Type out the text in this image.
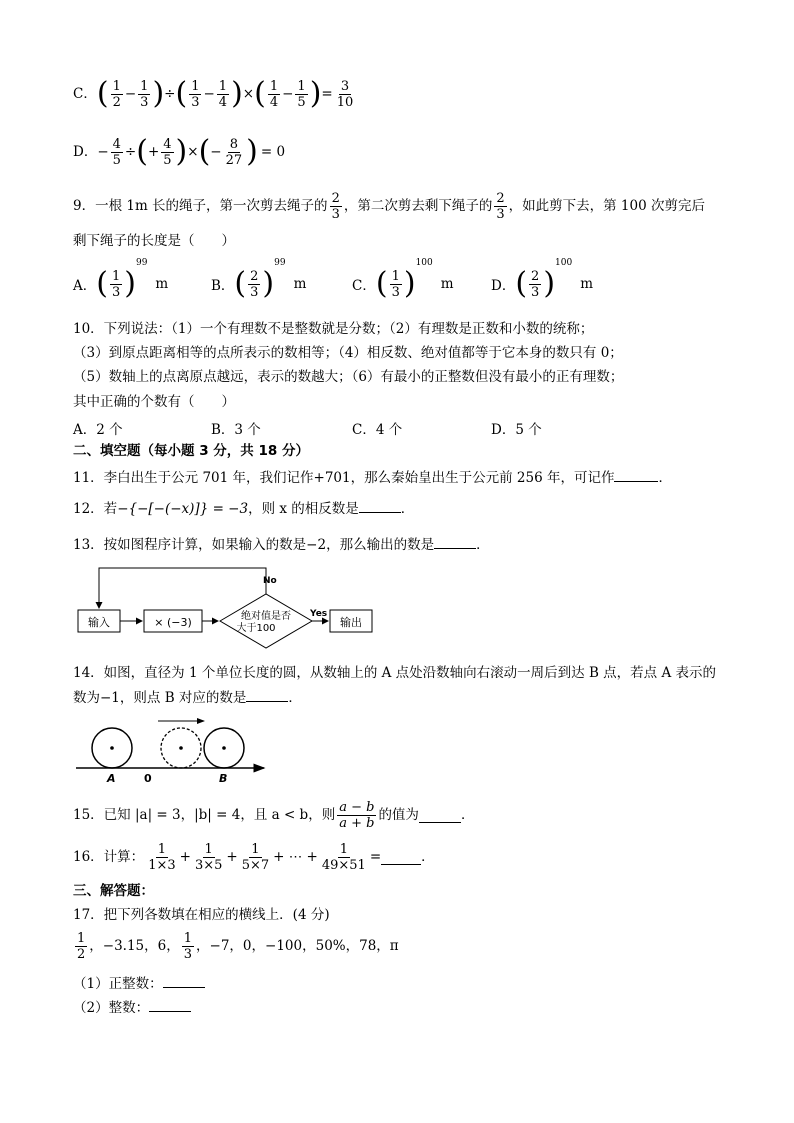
C． ( $\frac{1}{2} - \frac{1}{3}$ ) ÷ ( $\frac{1}{3} - \frac{1}{4}$ ) × ( $\frac{1}{4} - \frac{1}{5}$ ) = $\frac{3}{10}$
D． − $\frac{4}{5}$ ÷ ( + $\frac{4}{5}$ ) × ( − $\frac{8}{27}$ ) = 0
9．一根 1m 长的绳子，第一次剪去绳子的 $\frac{2}{3}$ ，第二次剪去剩下绳子的 $\frac{2}{3}$ ，如此剪下去，第 100 次剪完后
剩下绳子的长度是（　　）
A． ( $\frac{1}{3}$ )
$^{99}$
m	B． ( $\frac{2}{3}$ )
$^{99}$
m	C． ( $\frac{1}{3}$ )
$^{100}$
m	D． ( $\frac{2}{3}$ )
$^{100}$
m
10．下列说法：（1）一个有理数不是整数就是分数；（2）有理数是正数和小数的统称；
（3）到原点距离相等的点所表示的数相等；（4）相反数、绝对值都等于它本身的数只有 0；
（5）数轴上的点离原点越远，表示的数越大；（6）有最小的正整数但没有最小的正有理数；
其中正确的个数有（　　）
A．2 个	B．3 个	C．4 个	D．5 个
二、填空题（每小题 3 分，共 18 分）
11．李白出生于公元 701 年，我们记作+701，那么秦始皇出生于公元前 256 年，可记作	．
12．若−{−[−(−x)]} = −3，则 x 的相反数是	．
13．按如图程序计算，如果输入的数是−2，那么输出的数是	．
输入	× (−3)	绝对值是否
大于100
Yes
输出
No
14．如图，直径为 1 个单位长度的圆，从数轴上的 A 点处沿数轴向右滚动一周后到达 B 点，若点 A 表示的
数为−1，则点 B 对应的数是	．
A	0	B
15．已知 |a| = 3，|b| = 4，且 a < b，则 $\frac{a - b}{a + b}$ 的值为	．
16．计算： $\frac{1}{1\times 3} + \frac{1}{3\times 5} + \frac{1}{5\times 7}$ + ⋯ + $\frac{1}{49\times 51}$ =	．
三、解答题：
17．把下列各数填在相应的横线上．(4 分)
$\frac{1}{2}$ ，−3.15，6， $\frac{1}{3}$ ，−7，0，−100，50%，78，π
（1）正整数：
（2）整数：
